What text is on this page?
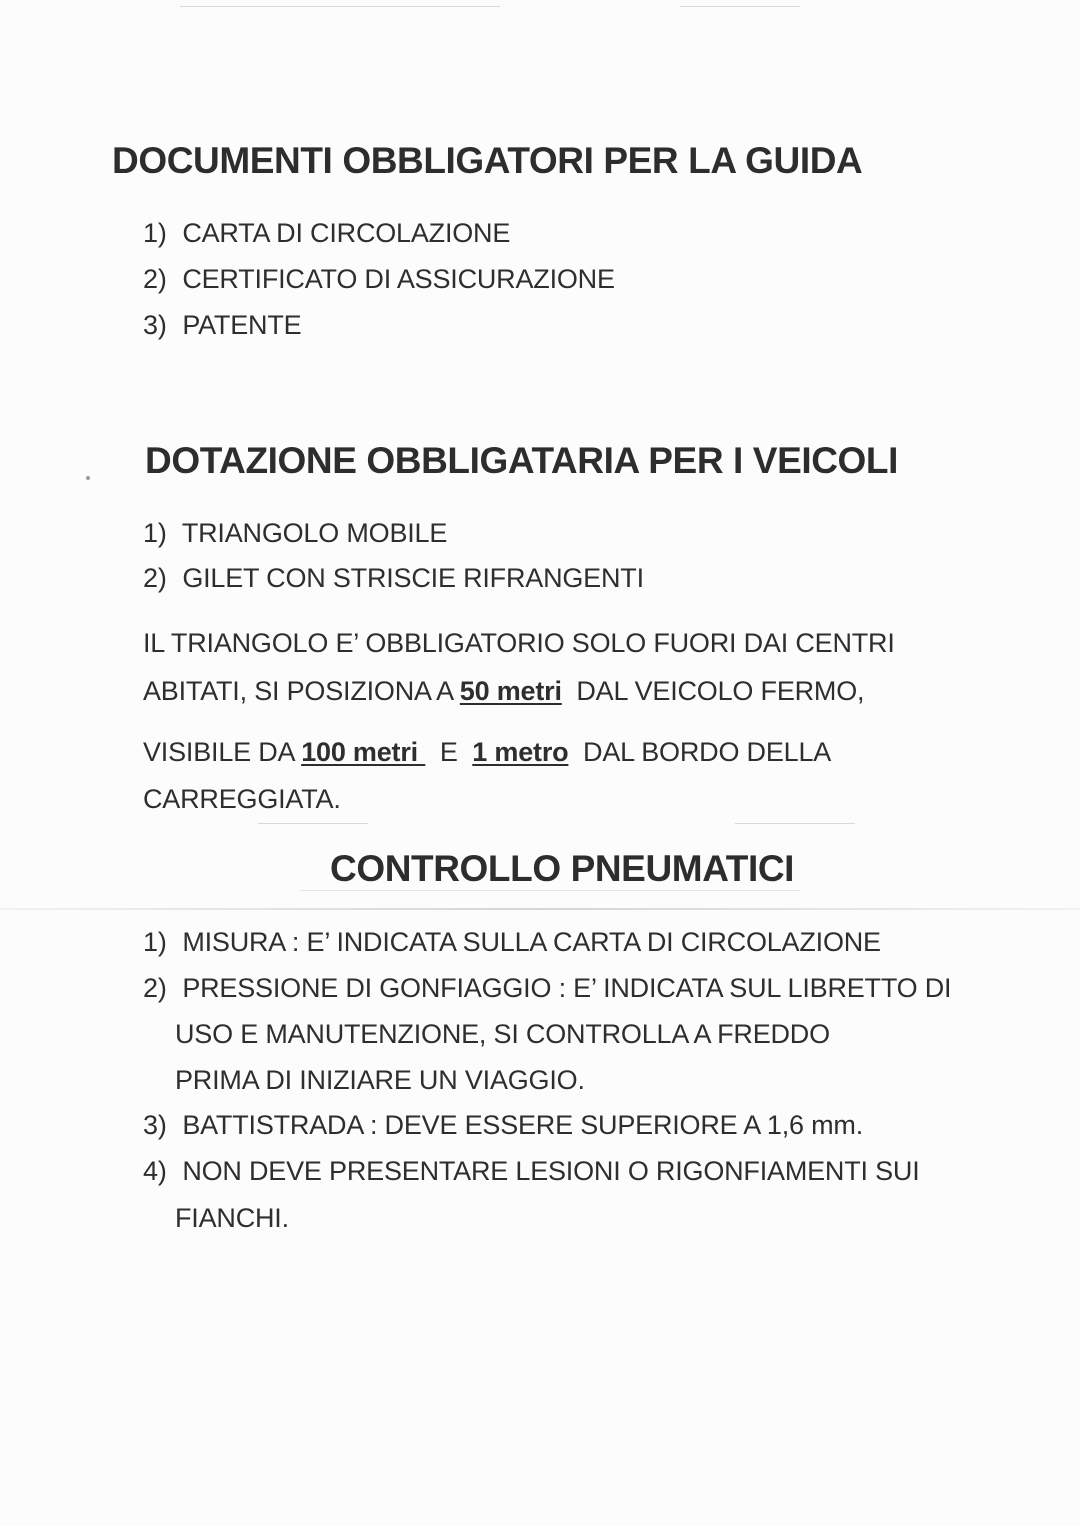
DOCUMENTI OBBLIGATORI PER LA GUIDA

1) CARTA DI CIRCOLAZIONE

2) CERTIFICATO DI ASSICURAZIONE

3) PATENTE

DOTAZIONE OBBLIGATARIA PER I VEICOLI

1) TRIANGOLO MOBILE

2) GILET CON STRISCIE RIFRANGENTI

IL TRIANGOLO E’ OBBLIGATORIO SOLO FUORI DAI CENTRI

ABITATI, SI POSIZIONA A 50 metri  DAL VEICOLO FERMO,

VISIBILE DA 100 metri   E  1 metro  DAL BORDO DELLA

CARREGGIATA.

CONTROLLO PNEUMATICI

1) MISURA : E’ INDICATA SULLA CARTA DI CIRCOLAZIONE

2) PRESSIONE DI GONFIAGGIO : E’ INDICATA SUL LIBRETTO DI

USO E MANUTENZIONE, SI CONTROLLA A FREDDO

PRIMA DI INIZIARE UN VIAGGIO.

3) BATTISTRADA : DEVE ESSERE SUPERIORE A 1,6 mm.

4) NON DEVE PRESENTARE LESIONI O RIGONFIAMENTI SUI

FIANCHI.
